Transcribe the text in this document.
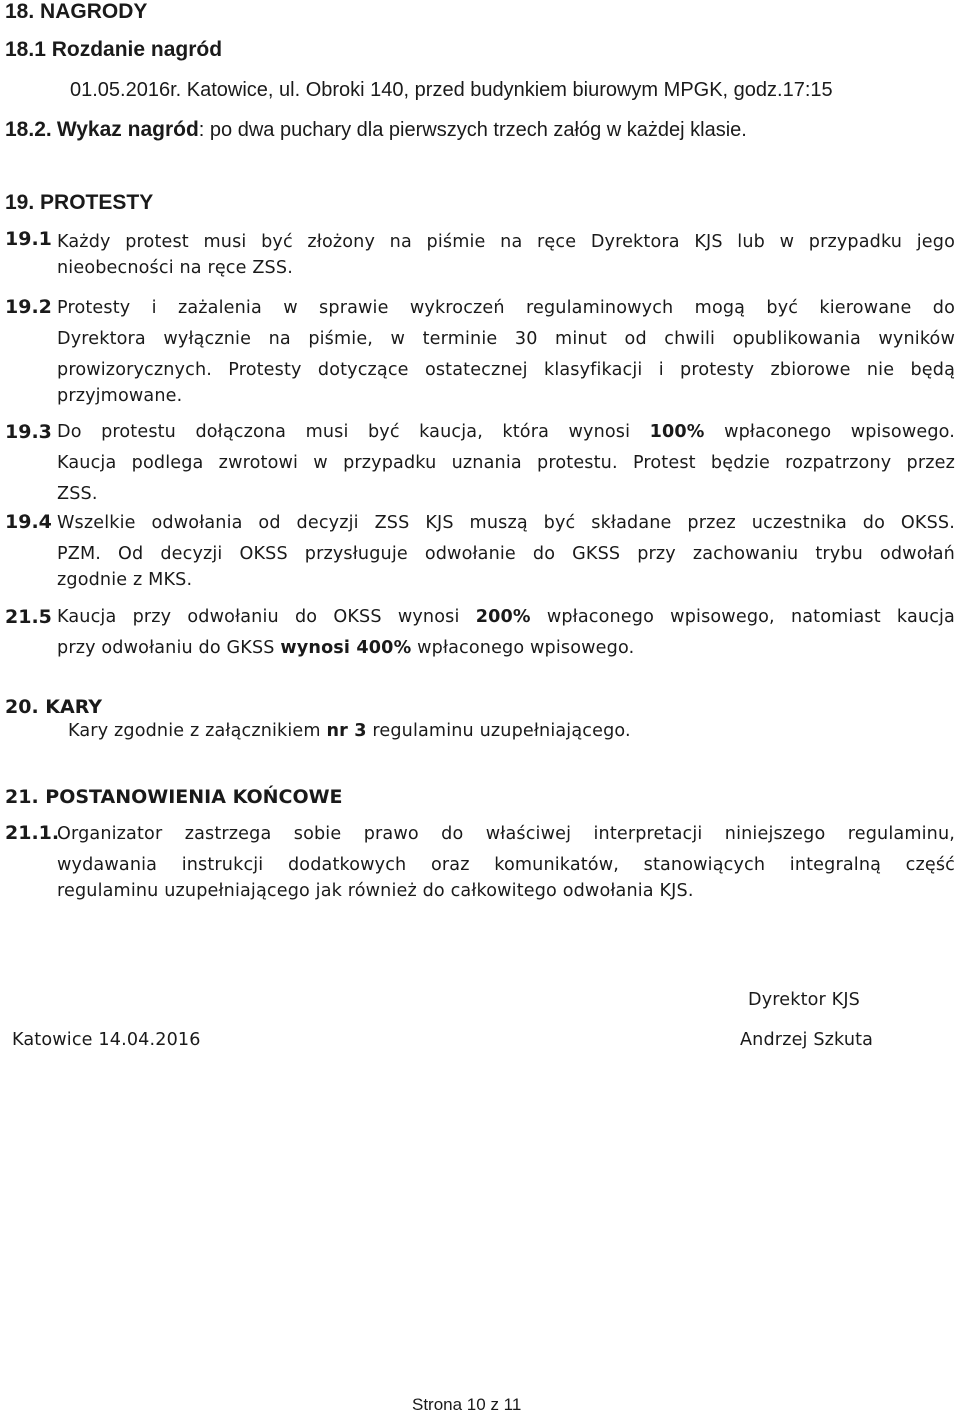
18. NAGRODY
18.1 Rozdanie nagród
01.05.2016r. Katowice, ul. Obroki 140, przed budynkiem biurowym MPGK, godz.17:15
18.2. Wykaz nagród: po dwa puchary dla pierwszych trzech załóg w każdej klasie.
19. PROTESTY
19.1 Każdy protest musi być złożony na piśmie na ręce Dyrektora KJS lub w przypadku jego
nieobecności na ręce ZSS.
19.2 Protesty i zażalenia w sprawie wykroczeń regulaminowych mogą być kierowane do
Dyrektora wyłącznie na piśmie, w terminie 30 minut od chwili opublikowania wyników
prowizorycznych. Protesty dotyczące ostatecznej klasyfikacji i protesty zbiorowe nie będą
przyjmowane.
19.3 Do protestu dołączona musi być kaucja, która wynosi 100% wpłaconego wpisowego.
Kaucja podlega zwrotowi w przypadku uznania protestu. Protest będzie rozpatrzony przez
ZSS.
19.4 Wszelkie odwołania od decyzji ZSS KJS muszą być składane przez uczestnika do OKSS.
PZM. Od decyzji OKSS przysługuje odwołanie do GKSS przy zachowaniu trybu odwołań
zgodnie z MKS.
21.5 Kaucja przy odwołaniu do OKSS wynosi 200% wpłaconego wpisowego, natomiast kaucja
przy odwołaniu do GKSS wynosi 400% wpłaconego wpisowego.
20. KARY
Kary zgodnie z załącznikiem nr 3 regulaminu uzupełniającego.
21. POSTANOWIENIA KOŃCOWE
21.1.
Organizator zastrzega sobie prawo do właściwej interpretacji niniejszego regulaminu,
wydawania instrukcji dodatkowych oraz komunikatów, stanowiących integralną część
regulaminu uzupełniającego jak również do całkowitego odwołania KJS.
Dyrektor KJS
Katowice 14.04.2016	Andrzej Szkuta
Strona 10 z 11
